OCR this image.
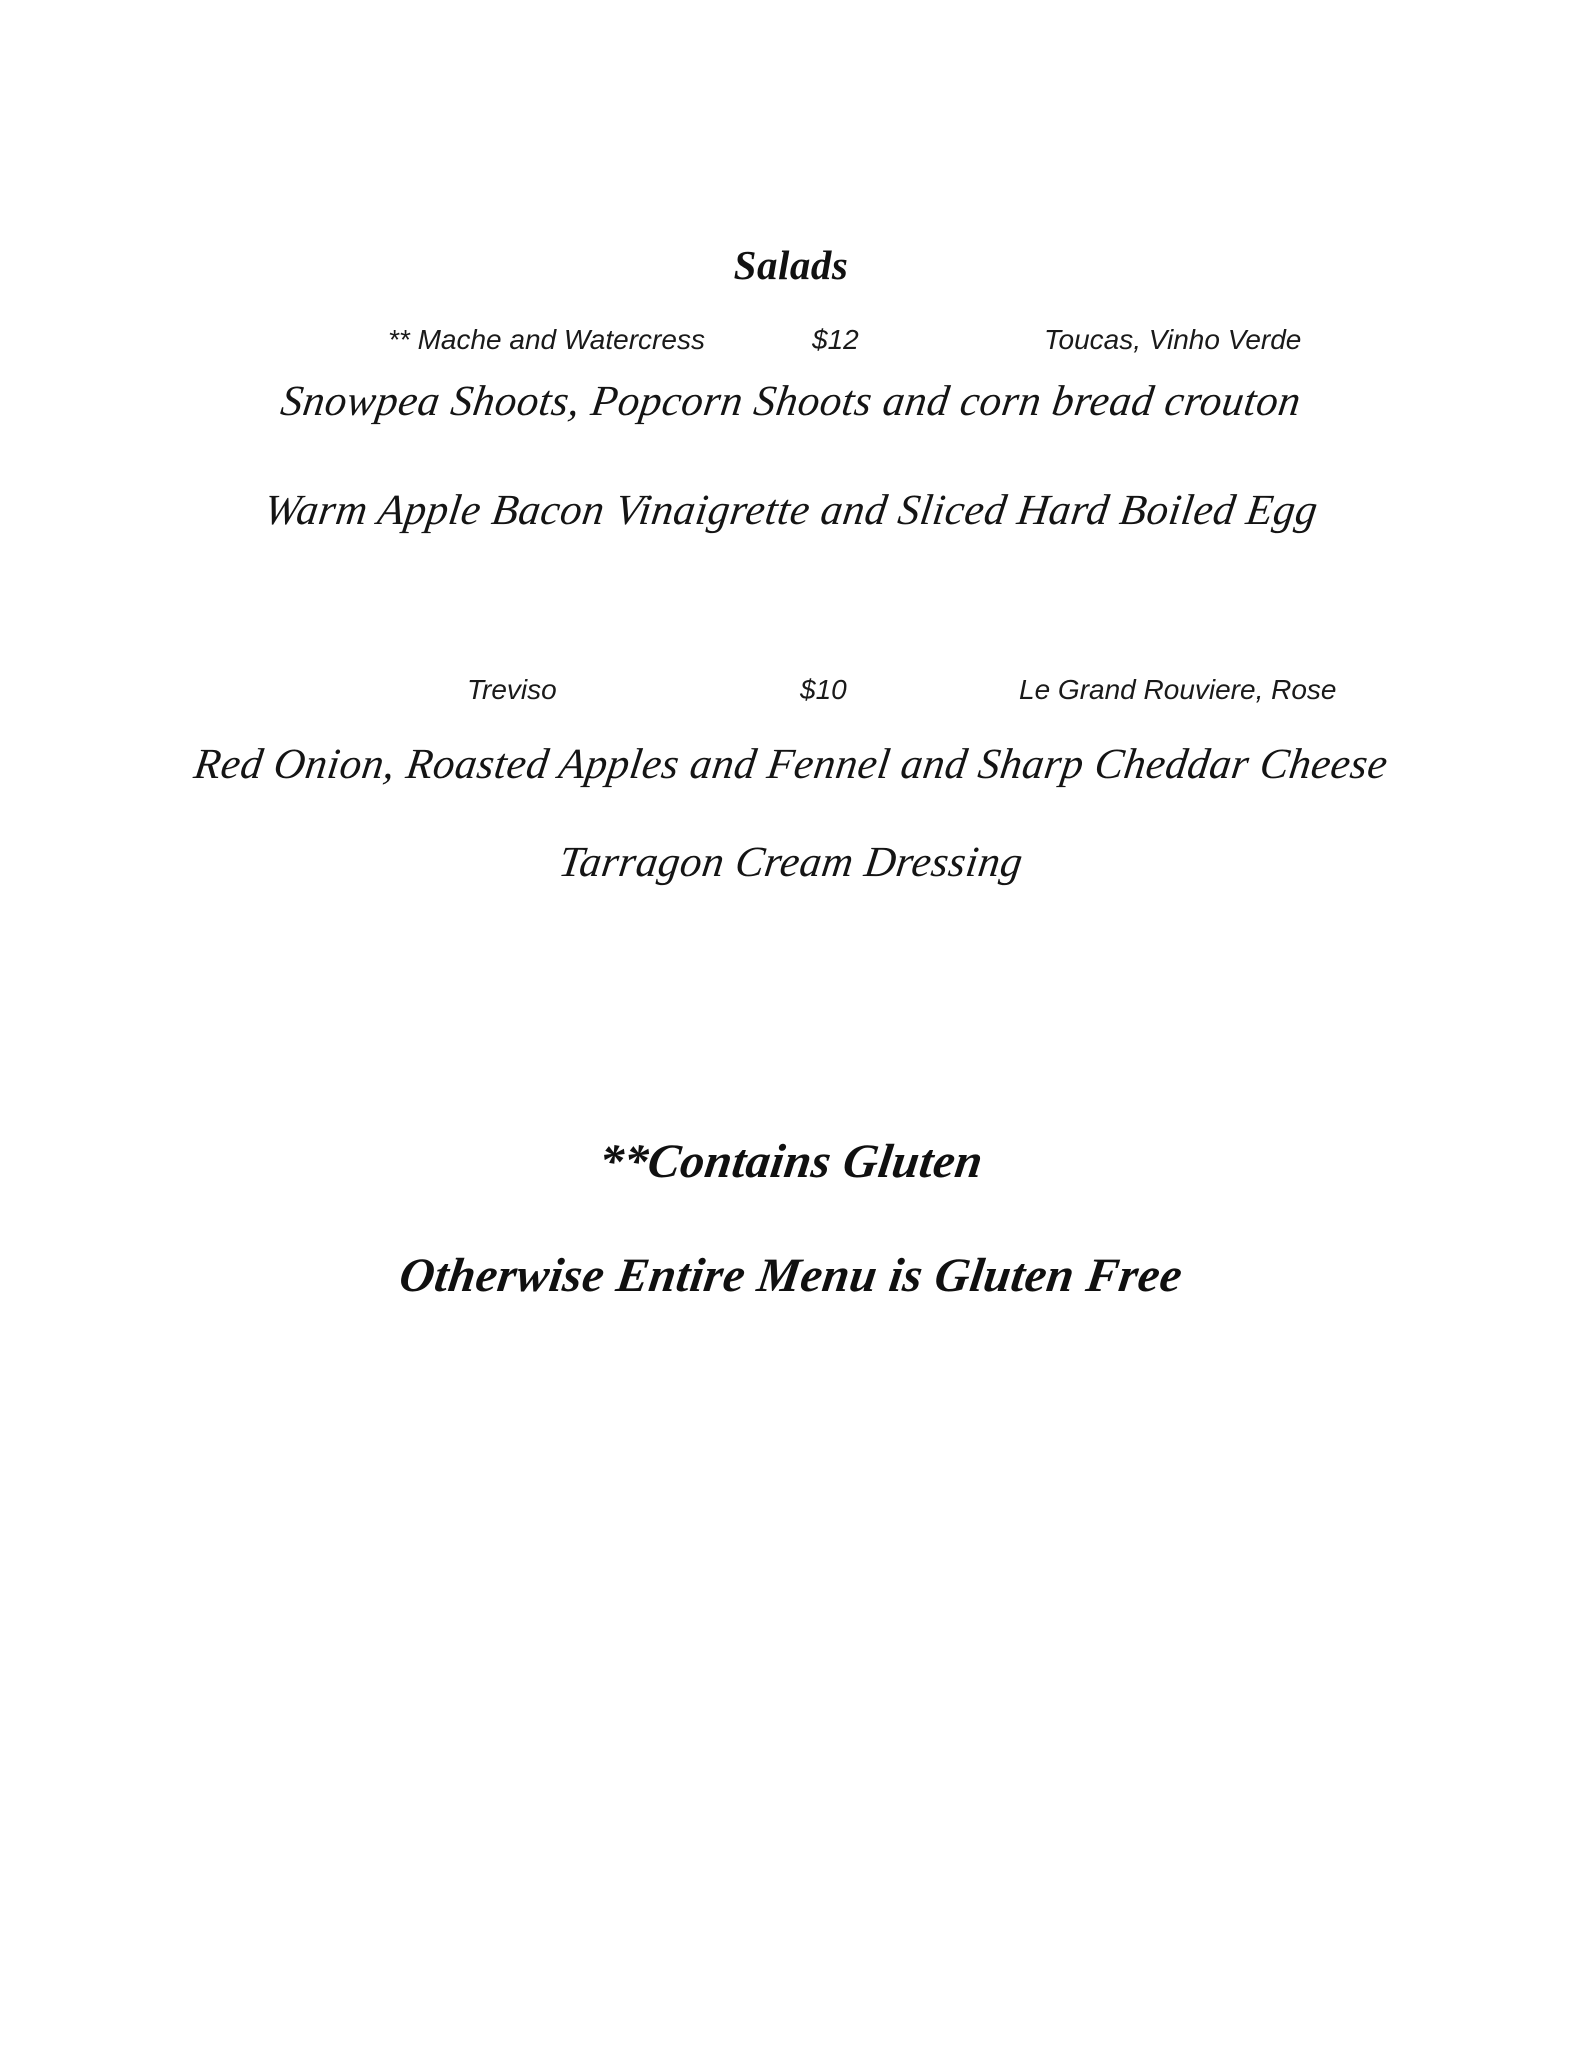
Salads
** Mache and Watercress	$12	Toucas, Vinho Verde
Snowpea Shoots, Popcorn Shoots and corn bread crouton
Warm Apple Bacon Vinaigrette and Sliced Hard Boiled Egg
Treviso	$10	Le Grand Rouviere, Rose
Red Onion, Roasted Apples and Fennel and Sharp Cheddar Cheese
Tarragon Cream Dressing
**Contains Gluten
Otherwise Entire Menu is Gluten Free
